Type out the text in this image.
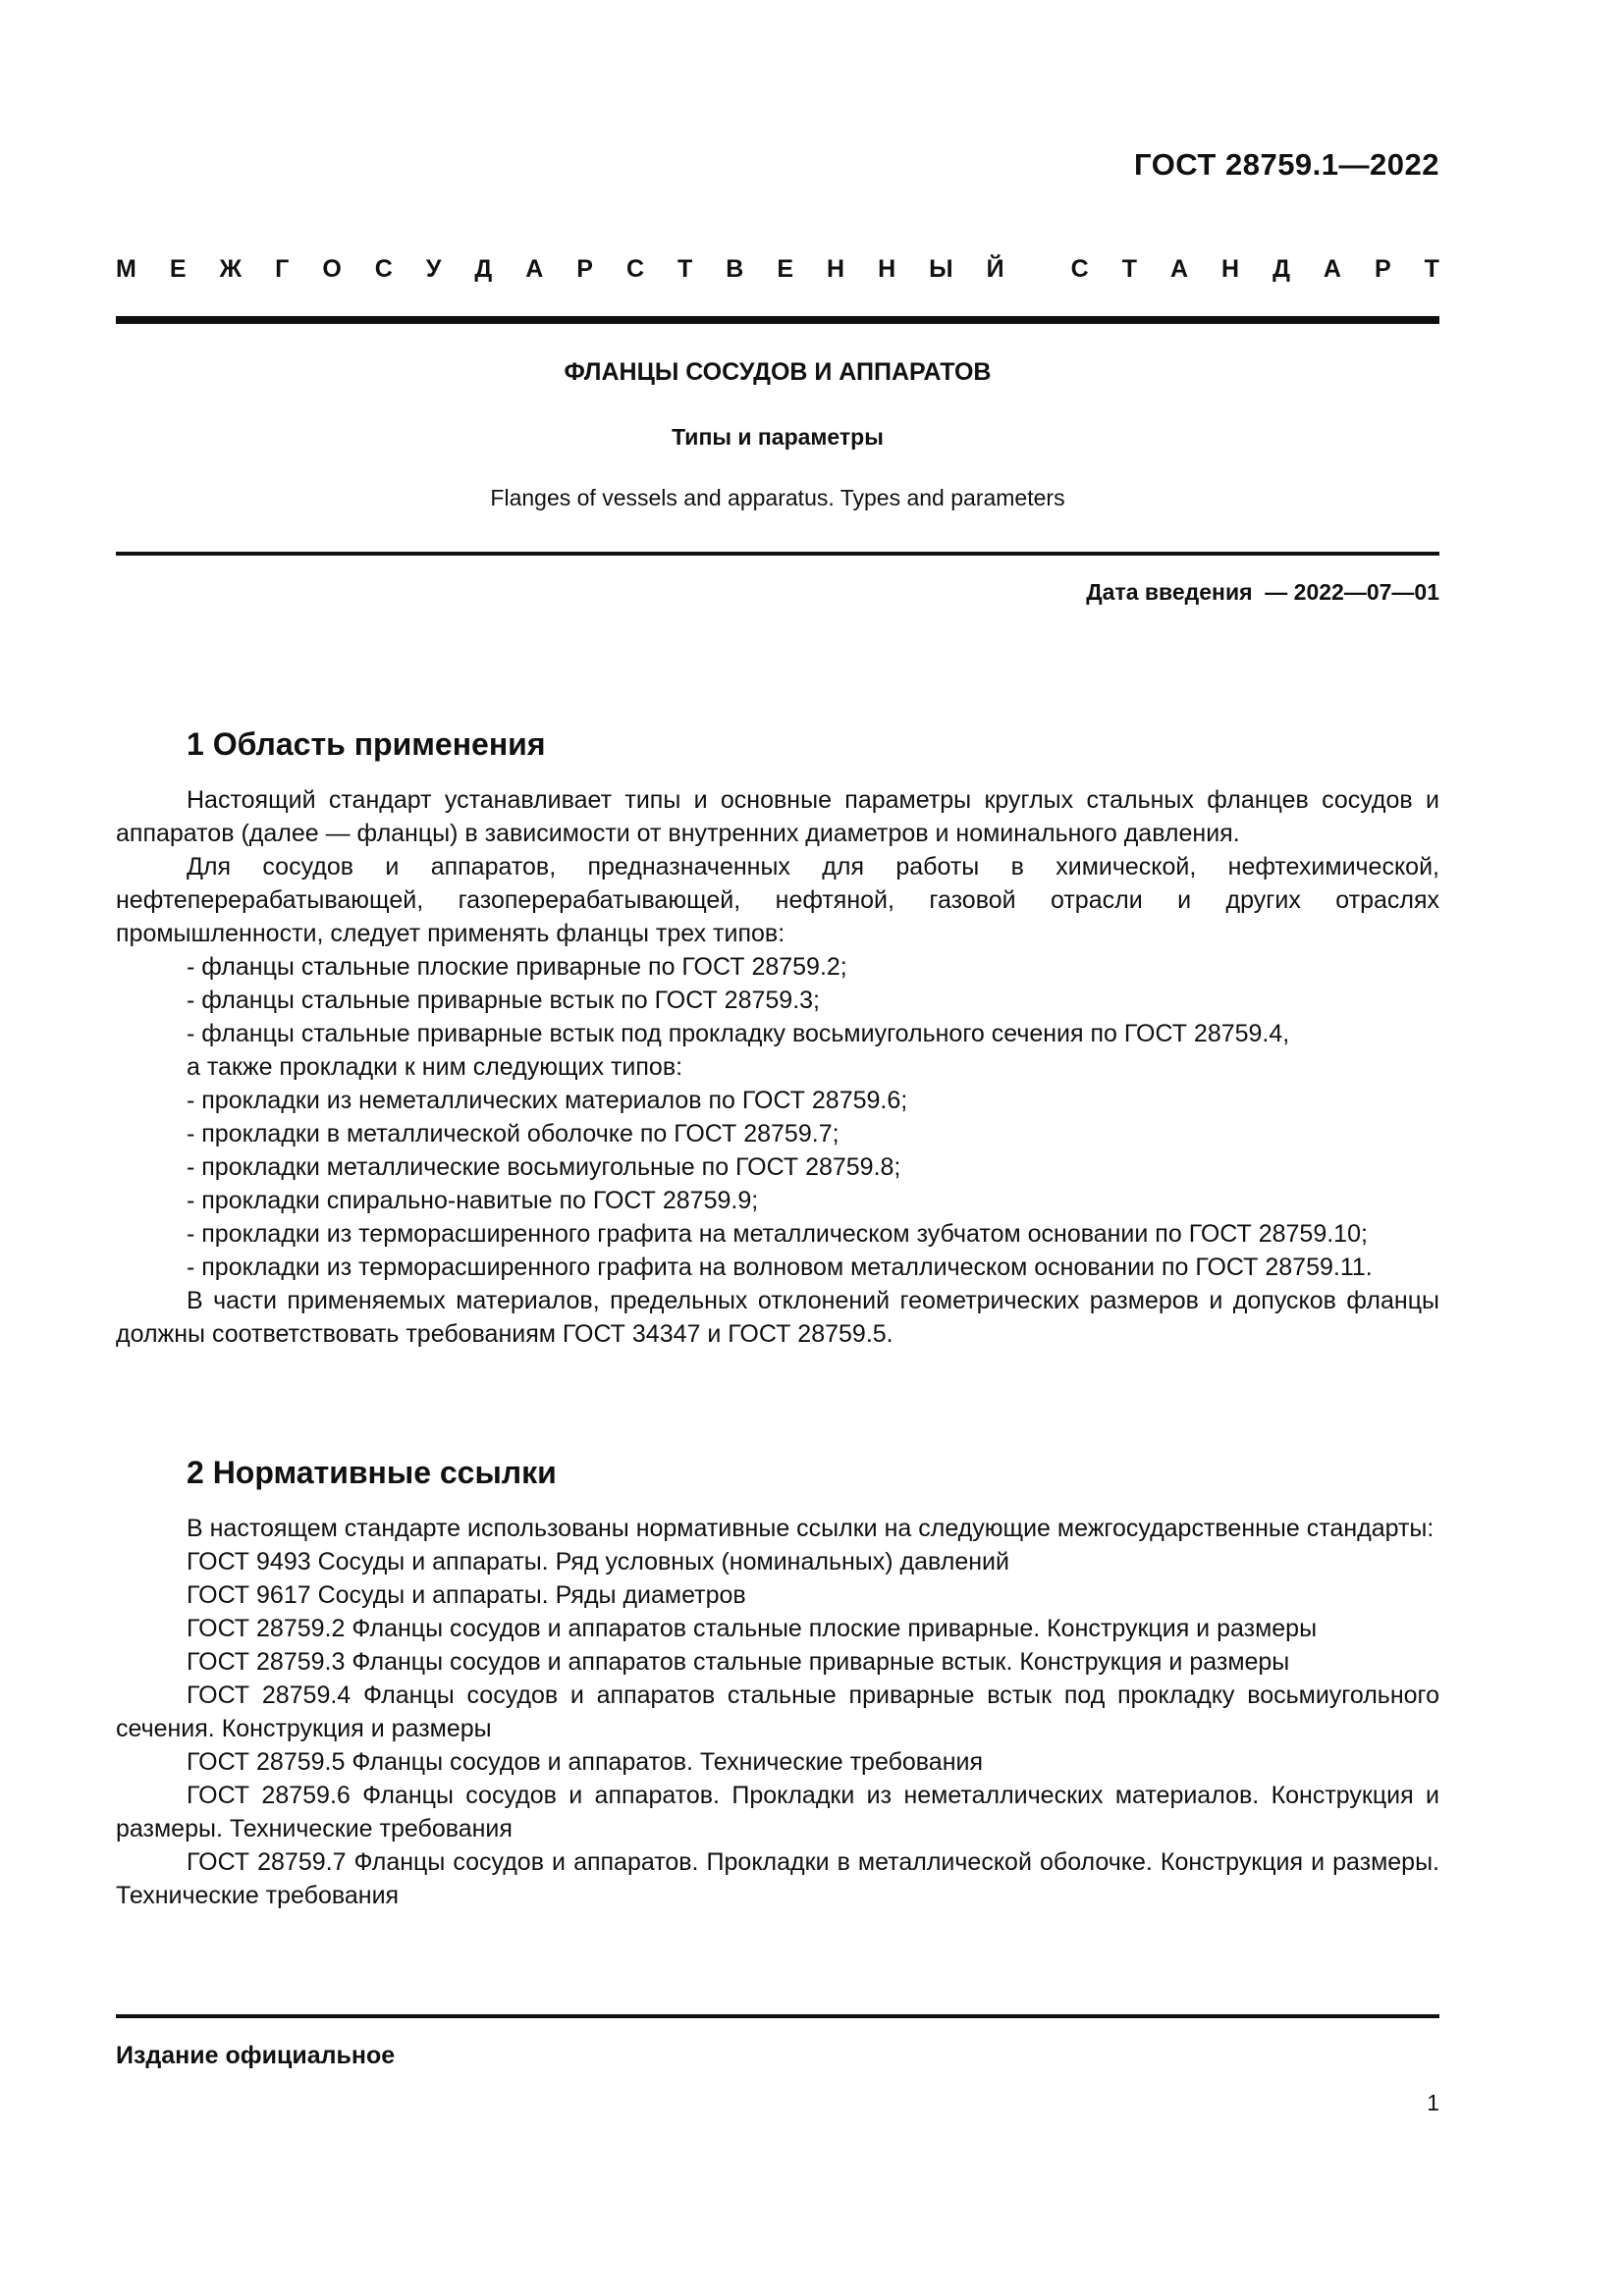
ГОСТ 28759.1—2022
М Е Ж Г О С У Д А Р С Т В Е Н Н Ы Й	С Т А Н Д А Р Т
ФЛАНЦЫ СОСУДОВ И АППАРАТОВ
Типы и параметры
Flanges of vessels and apparatus. Types and parameters
Дата введения  — 2022—07—01
1 Область применения

Настоящий стандарт устанавливает типы и основные параметры круглых стальных фланцев сосудов и аппаратов (далее — фланцы) в зависимости от внутренних диаметров и номинального давления.

Для сосудов и аппаратов, предназначенных для работы в химической, нефтехимической, нефтеперерабатывающей, газоперерабатывающей, нефтяной, газовой отрасли и других отраслях промышленности, следует применять фланцы трех типов:

- фланцы стальные плоские приварные по ГОСТ 28759.2;

- фланцы стальные приварные встык по ГОСТ 28759.3;

- фланцы стальные приварные встык под прокладку восьмиугольного сечения по ГОСТ 28759.4,

а также прокладки к ним следующих типов:

- прокладки из неметаллических материалов по ГОСТ 28759.6;

- прокладки в металлической оболочке по ГОСТ 28759.7;

- прокладки металлические восьмиугольные по ГОСТ 28759.8;

- прокладки спирально-навитые по ГОСТ 28759.9;

- прокладки из терморасширенного графита на металлическом зубчатом основании по ГОСТ 28759.10;

- прокладки из терморасширенного графита на волновом металлическом основании по ГОСТ 28759.11.

В части применяемых материалов, предельных отклонений геометрических размеров и допусков фланцы должны соответствовать требованиям ГОСТ 34347 и ГОСТ 28759.5.

2 Нормативные ссылки

В настоящем стандарте использованы нормативные ссылки на следующие межгосударственные стандарты:

ГОСТ 9493 Сосуды и аппараты. Ряд условных (номинальных) давлений

ГОСТ 9617 Сосуды и аппараты. Ряды диаметров

ГОСТ 28759.2 Фланцы сосудов и аппаратов стальные плоские приварные. Конструкция и размеры

ГОСТ 28759.3 Фланцы сосудов и аппаратов стальные приварные встык. Конструкция и размеры

ГОСТ 28759.4 Фланцы сосудов и аппаратов стальные приварные встык под прокладку восьмиугольного сечения. Конструкция и размеры

ГОСТ 28759.5 Фланцы сосудов и аппаратов. Технические требования

ГОСТ 28759.6 Фланцы сосудов и аппаратов. Прокладки из неметаллических материалов. Конструкция и размеры. Технические требования

ГОСТ 28759.7 Фланцы сосудов и аппаратов. Прокладки в металлической оболочке. Конструкция и размеры. Технические требования

Издание официальное
1
